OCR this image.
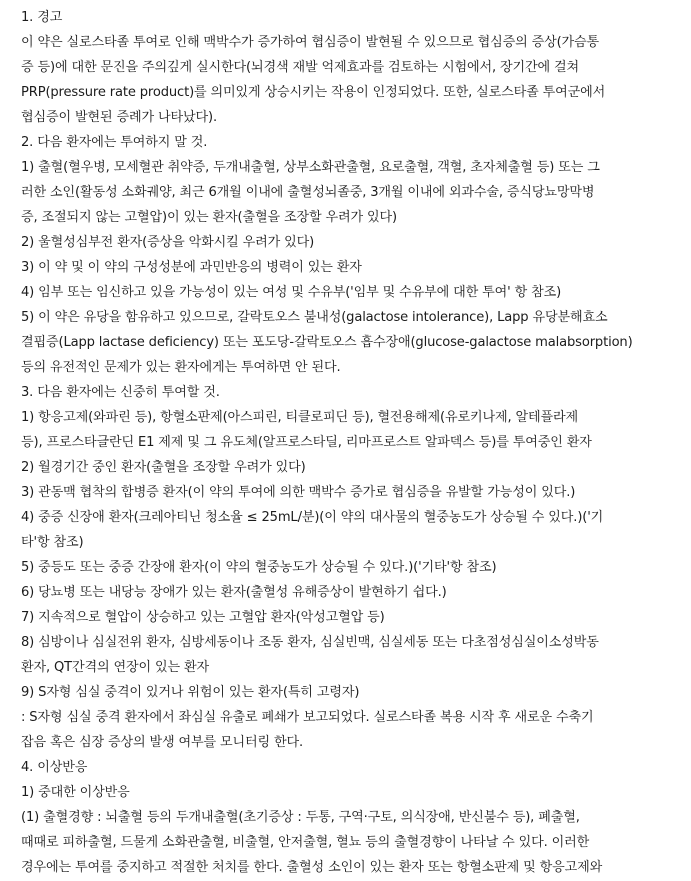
1. 경고
이 약은 실로스타졸 투여로 인해 맥박수가 증가하여 협심증이 발현될 수 있으므로 협심증의 증상(가슴통
증 등)에 대한 문진을 주의깊게 실시한다(뇌경색 재발 억제효과를 검토하는 시험에서, 장기간에 걸쳐
PRP(pressure rate product)를 의미있게 상승시키는 작용이 인정되었다. 또한, 실로스타졸 투여군에서
협심증이 발현된 증례가 나타났다).
2. 다음 환자에는 투여하지 말 것.
1) 출혈(혈우병, 모세혈관 취약증, 두개내출혈, 상부소화관출혈, 요로출혈, 객혈, 초자체출혈 등) 또는 그
러한 소인(활동성 소화궤양, 최근 6개월 이내에 출혈성뇌졸중, 3개월 이내에 외과수술, 증식당뇨망막병
증, 조절되지 않는 고혈압)이 있는 환자(출혈을 조장할 우려가 있다)
2) 울혈성심부전 환자(증상을 악화시킬 우려가 있다)
3) 이 약 및 이 약의 구성성분에 과민반응의 병력이 있는 환자
4) 임부 또는 임신하고 있을 가능성이 있는 여성 및 수유부('임부 및 수유부에 대한 투여' 항 참조)
5) 이 약은 유당을 함유하고 있으므로, 갈락토오스 불내성(galactose intolerance), Lapp 유당분해효소
결핍증(Lapp lactase deficiency) 또는 포도당-갈락토오스 흡수장애(glucose-galactose malabsorption)
등의 유전적인 문제가 있는 환자에게는 투여하면 안 된다.
3. 다음 환자에는 신중히 투여할 것.
1) 항응고제(와파린 등), 항혈소판제(아스피린, 티클로피딘 등), 혈전용해제(유로키나제, 알테플라제
등), 프로스타글란딘 E1 제제 및 그 유도체(알프로스타딜, 리마프로스트 알파덱스 등)를 투여중인 환자
2) 월경기간 중인 환자(출혈을 조장할 우려가 있다)
3) 관동맥 협착의 합병증 환자(이 약의 투여에 의한 맥박수 증가로 협심증을 유발할 가능성이 있다.)
4) 중증 신장애 환자(크레아티닌 청소율 ≤ 25mL/분)(이 약의 대사물의 혈중농도가 상승될 수 있다.)('기
타'항 참조)
5) 중등도 또는 중증 간장애 환자(이 약의 혈중농도가 상승될 수 있다.)('기타'항 참조)
6) 당뇨병 또는 내당능 장애가 있는 환자(출혈성 유해증상이 발현하기 쉽다.)
7) 지속적으로 혈압이 상승하고 있는 고혈압 환자(악성고혈압 등)
8) 심방이나 심실전위 환자, 심방세동이나 조동 환자, 심실빈맥, 심실세동 또는 다초점성심실이소성박동
환자, QT간격의 연장이 있는 환자
9) S자형 심실 중격이 있거나 위험이 있는 환자(특히 고령자)
: S자형 심실 중격 환자에서 좌심실 유출로 폐쇄가 보고되었다. 실로스타졸 복용 시작 후 새로운 수축기
잡음 혹은 심장 증상의 발생 여부를 모니터링 한다.
4. 이상반응
1) 중대한 이상반응
(1) 출혈경향 : 뇌출혈 등의 두개내출혈(초기증상 : 두통, 구역·구토, 의식장애, 반신불수 등), 폐출혈,
때때로 피하출혈, 드물게 소화관출혈, 비출혈, 안저출혈, 혈뇨 등의 출혈경향이 나타날 수 있다. 이러한
경우에는 투여를 중지하고 적절한 처치를 한다. 출혈성 소인이 있는 환자 또는 항혈소판제 및 항응고제와
